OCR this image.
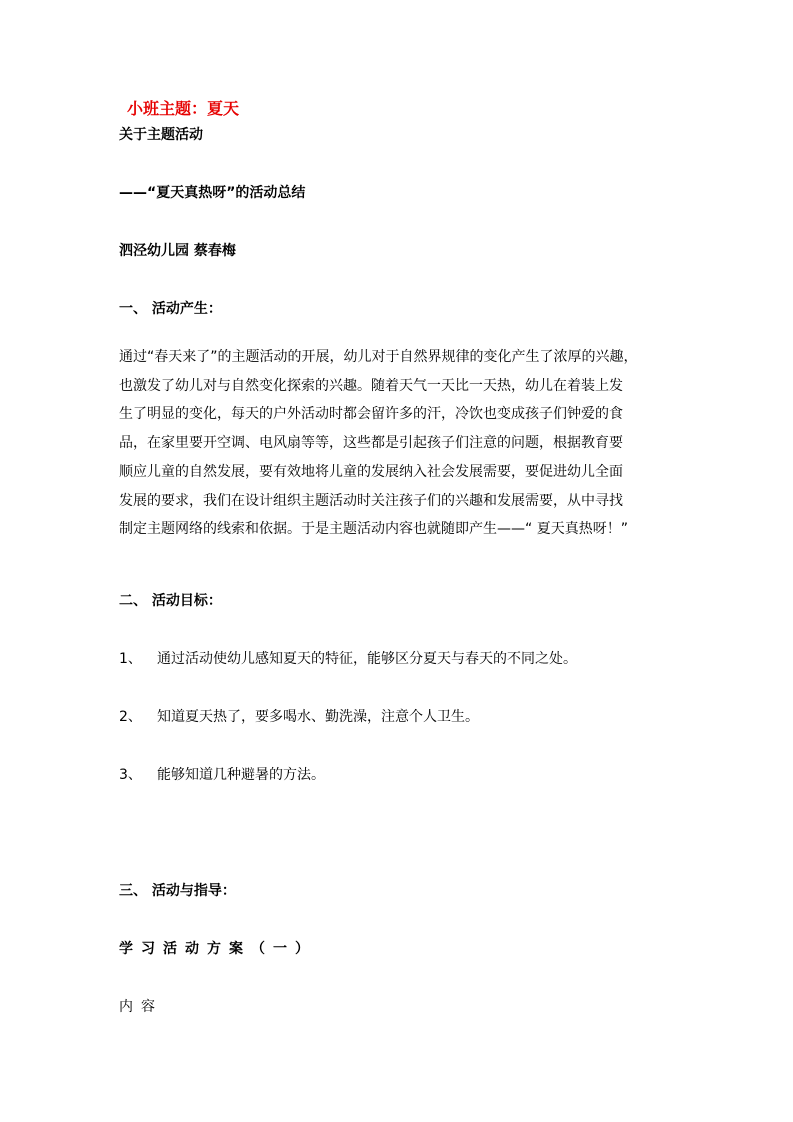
小班主题：夏天
关于主题活动
——“夏天真热呀”的活动总结
泗泾幼儿园 蔡春梅
一、 活动产生：
通过“春天来了”的主题活动的开展，幼儿对于自然界规律的变化产生了浓厚的兴趣，
也激发了幼儿对与自然变化探索的兴趣。随着天气一天比一天热，幼儿在着装上发
生了明显的变化，每天的户外活动时都会留许多的汗，冷饮也变成孩子们钟爱的食
品，在家里要开空调、电风扇等等，这些都是引起孩子们注意的问题，根据教育要
顺应儿童的自然发展，要有效地将儿童的发展纳入社会发展需要，要促进幼儿全面
发展的要求，我们在设计组织主题活动时关注孩子们的兴趣和发展需要，从中寻找
制定主题网络的线索和依据。于是主题活动内容也就随即产生——“ 夏天真热呀！”
二、 活动目标：
1、 通过活动使幼儿感知夏天的特征，能够区分夏天与春天的不同之处。
2、 知道夏天热了，要多喝水、勤洗澡，注意个人卫生。
3、 能够知道几种避暑的方法。
三、 活动与指导：
学习活动方案（一）
内容
